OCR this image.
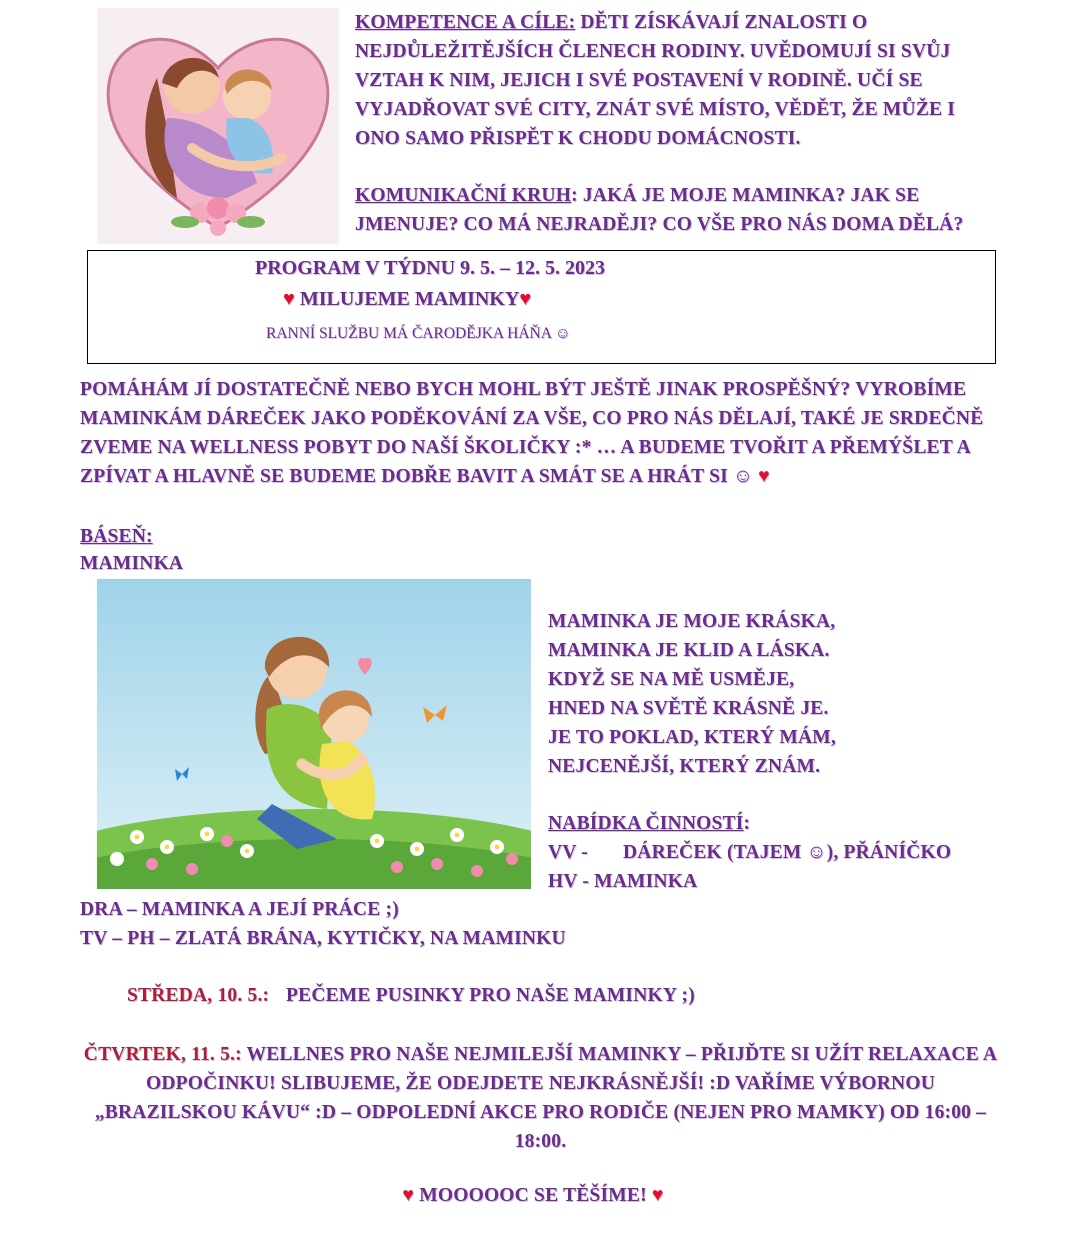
KOMPETENCE A CÍLE: DĚTI ZÍSKÁVAJÍ ZNALOSTI O NEJDŮLEŽITĚJŠÍCH ČLENECH RODINY. UVĚDOMUJÍ SI SVŮJ VZTAH K NIM, JEJICH I SVÉ POSTAVENÍ V RODINĚ. UČÍ SE VYJADŘOVAT SVÉ CITY, ZNÁT SVÉ MÍSTO, VĚDĚT, ŽE MŮŽE I ONO SAMO PŘISPĚT K CHODU DOMÁCNOSTI.
KOMUNIKAČNÍ KRUH: JAKÁ JE MOJE MAMINKA? JAK SE JMENUJE? CO MÁ NEJRADĚJI? CO VŠE PRO NÁS DOMA DĚLÁ?
PROGRAM V TÝDNU 9. 5. – 12. 5. 2023
♥ MILUJEME MAMINKY♥
RANNÍ SLUŽBU MÁ ČARODĚJKA HÁŇA ☺
POMÁHÁM JÍ DOSTATEČNĚ NEBO BYCH MOHL BÝT JEŠTĚ JINAK PROSPĚŠNÝ? VYROBÍME MAMINKÁM DÁREČEK JAKO PODĚKOVÁNÍ ZA VŠE, CO PRO NÁS DĚLAJÍ, TAKÉ JE SRDEČNĚ ZVEME NA WELLNESS POBYT DO NAŠÍ ŠKOLIČKY :* … A BUDEME TVOŘIT A PŘEMÝŠLET A ZPÍVAT A HLAVNĚ SE BUDEME DOBŘE BAVIT A SMÁT SE A HRÁT SI ☺ ♥
BÁSEŇ:
MAMINKA
MAMINKA JE MOJE KRÁSKA,
MAMINKA JE KLID A LÁSKA.
KDYŽ SE NA MĚ USMĚJE,
HNED NA SVĚTĚ KRÁSNĚ JE.
JE TO POKLAD, KTERÝ MÁM,
NEJCENĚJŠÍ, KTERÝ ZNÁM.
NABÍDKA ČINNOSTÍ:
VV - DÁREČEK (TAJEM ☺), PŘÁNÍČKO
HV - MAMINKA
DRA – MAMINKA A JEJÍ PRÁCE ;)
TV – PH – ZLATÁ BRÁNA, KYTIČKY, NA MAMINKU
STŘEDA, 10. 5.: PEČEME PUSINKY PRO NAŠE MAMINKY ;)
ČTVRTEK, 11. 5.: WELLNES PRO NAŠE NEJMILEJŠÍ MAMINKY – PŘIJĎTE SI UŽÍT RELAXACE A ODPOČINKU! SLIBUJEME, ŽE ODEJDETE NEJKRÁSNĚJŠÍ! :D VAŘÍME VÝBORNOU „BRAZILSKOU KÁVU“ :D – ODPOLEDNÍ AKCE PRO RODIČE (NEJEN PRO MAMKY) OD 16:00 – 18:00.
♥ MOOOOOC SE TĚŠÍME! ♥
